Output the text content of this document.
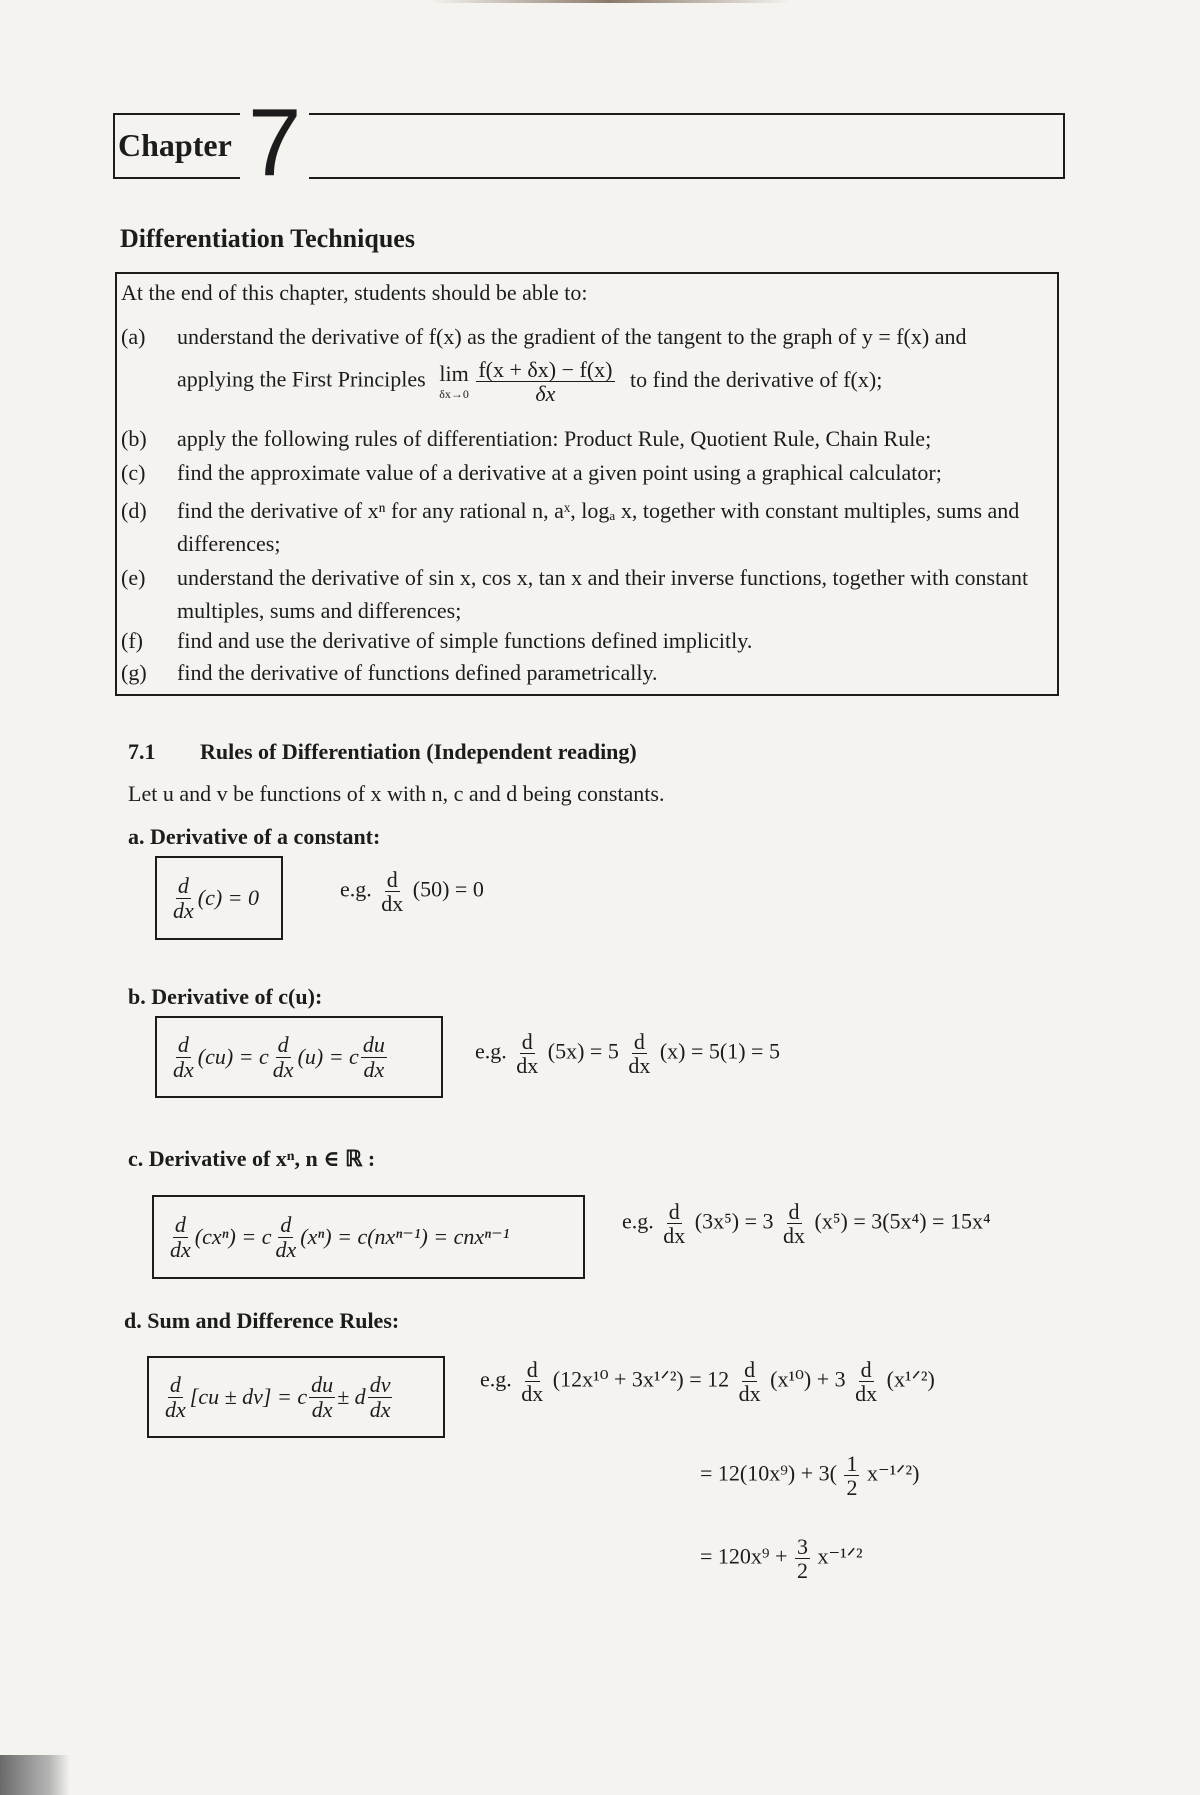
Chapter 7
Differentiation Techniques
At the end of this chapter, students should be able to:
(a) understand the derivative of f(x) as the gradient of the tangent to the graph of y = f(x) and
applying the First Principles lim
δx→0
$\frac{f(x + \delta x) - f(x)}{\delta x}$ to find the derivative of f(x);
(b) apply the following rules of differentiation: Product Rule, Quotient Rule, Chain Rule;
(c) find the approximate value of a derivative at a given point using a graphical calculator;
(d) find the derivative of xⁿ for any rational n, aˣ, logₐ x, together with constant multiples, sums and differences;
(e) understand the derivative of sin x, cos x, tan x and their inverse functions, together with constant multiples, sums and differences;
(f) find and use the derivative of simple functions defined implicitly.
(g) find the derivative of functions defined parametrically.
7.1 Rules of Differentiation (Independent reading)
Let u and v be functions of x with n, c and d being constants.
a. Derivative of a constant:
$\frac{d}{dx} (c) = 0$	e.g. $\frac{d}{dx} (50) = 0$
b. Derivative of c(u):
$\frac{d}{dx} (cu) = c \frac{d}{dx} (u) = c \frac{du}{dx}$	e.g. $\frac{d}{dx} (5x) = 5 \frac{d}{dx} (x) = 5(1) = 5$
c. Derivative of xⁿ, n ∈ ℝ :
$\frac{d}{dx} (cx^n) = c \frac{d}{dx} (x^n) = c(nx^{n-1}) = cnx^{n-1}$
e.g. $\frac{d}{dx} (3x^5) = 3 \frac{d}{dx} (x^5) = 3(5x^4) = 15x^4$
d. Sum and Difference Rules:
$\frac{d}{dx} [cu \pm dv] = c \frac{du}{dx} \pm d \frac{dv}{dx}$	e.g. $\frac{d}{dx} (12x^{10}$ + 3x¹ᐟ²) = $12 \frac{d}{dx} (x^{10}) + 3 \frac{d}{dx}$ (x¹ᐟ²)
= $12(10x^9) + 3( \frac{1}{2}$ x⁻¹ᐟ²)
= $120x^9 + \frac{3}{2}$ x⁻¹ᐟ²
